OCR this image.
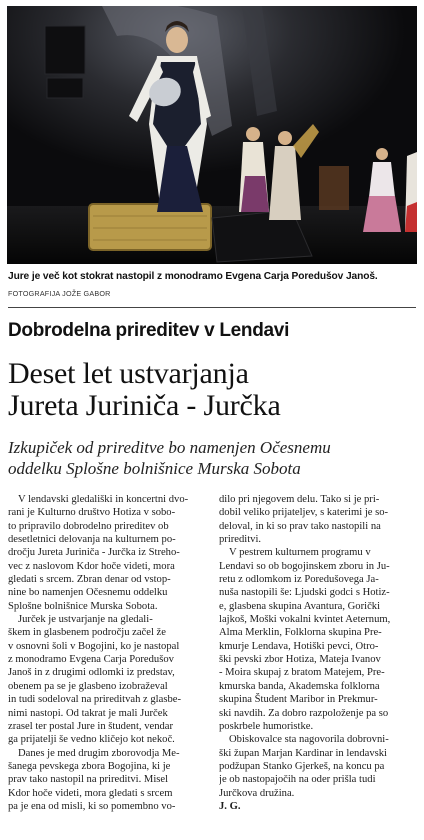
Jure je več kot stokrat nastopil z monodramo Evgena Carja Poredušov Janoš.
FOTOGRAFIJA JOŽE GABOR
Dobrodelna prireditev v Lendavi
Deset let ustvarjanja
Jureta Juriniča - Jurčka
Izkupiček od prireditve bo namenjen Očesnemu
oddelku Splošne bolnišnice Murska Sobota
V lendavski gledališki in koncertni dvo-
rani je Kulturno društvo Hotiza v sobo-
to pripravilo dobrodelno prireditev ob
desetletnici delovanja na kulturnem po-
dročju Jureta Juriniča - Jurčka iz Strehо-
vec z naslovom Kdor hoče videti, mora
gledati s srcem. Zbran denar od vstop-
nine bo namenjen Očesnemu oddelku
Splošne bolnišnice Murska Sobota.
Jurček je ustvarjanje na gledali-
škem in glasbenem področju začel že
v osnovni šoli v Bogojini, ko je nastopal
z monodramo Evgena Carja Poredušov
Janoš in z drugimi odlomki iz predstav,
obenem pa se je glasbeno izobraževal
in tudi sodeloval na prireditvah z glasbe-
nimi nastopi. Od takrat je mali Jurček
zrasel ter postal Jure in študent, vendar
ga prijatelji še vedno kličejo kot nekoč.
Danes je med drugim zborovodja Me-
šanega pevskega zbora Bogojina, ki je
prav tako nastopil na prireditvi. Misel
Kdor hoče videti, mora gledati s srcem
pa je ena od misli, ki so pomembno vo-
dilo pri njegovem delu. Tako si je pri-
dobil veliko prijateljev, s katerimi je so-
deloval, in ki so prav tako nastopili na
prireditvi.
V pestrem kulturnem programu v
Lendavi so ob bogojinskem zboru in Ju-
retu z odlomkom iz Poredušovega Ja-
nuša nastopili še: Ljudski godci s Hotiz-
e, glasbena skupina Avantura, Gorički
lajkoš, Moški vokalni kvintet Aeternum,
Alma Merklin, Folklorna skupina Pre-
kmurje Lendava, Hotiški pevci, Otro-
ški pevski zbor Hotiza, Mateja Ivanov
- Moira skupaj z bratom Matejem, Pre-
kmurska banda, Akademska folklorna
skupina Študent Maribor in Prekmur-
ski navdih. Za dobro razpoloženje pa so
poskrbele humoristke.
Obiskovalce sta nagovorila dobrovni-
ški župan Marjan Kardinar in lendavski
podžupan Stanko Gjerkeš, na koncu pa
je ob nastopajočih na oder prišla tudi
Jurčkova družina.
J. G.
